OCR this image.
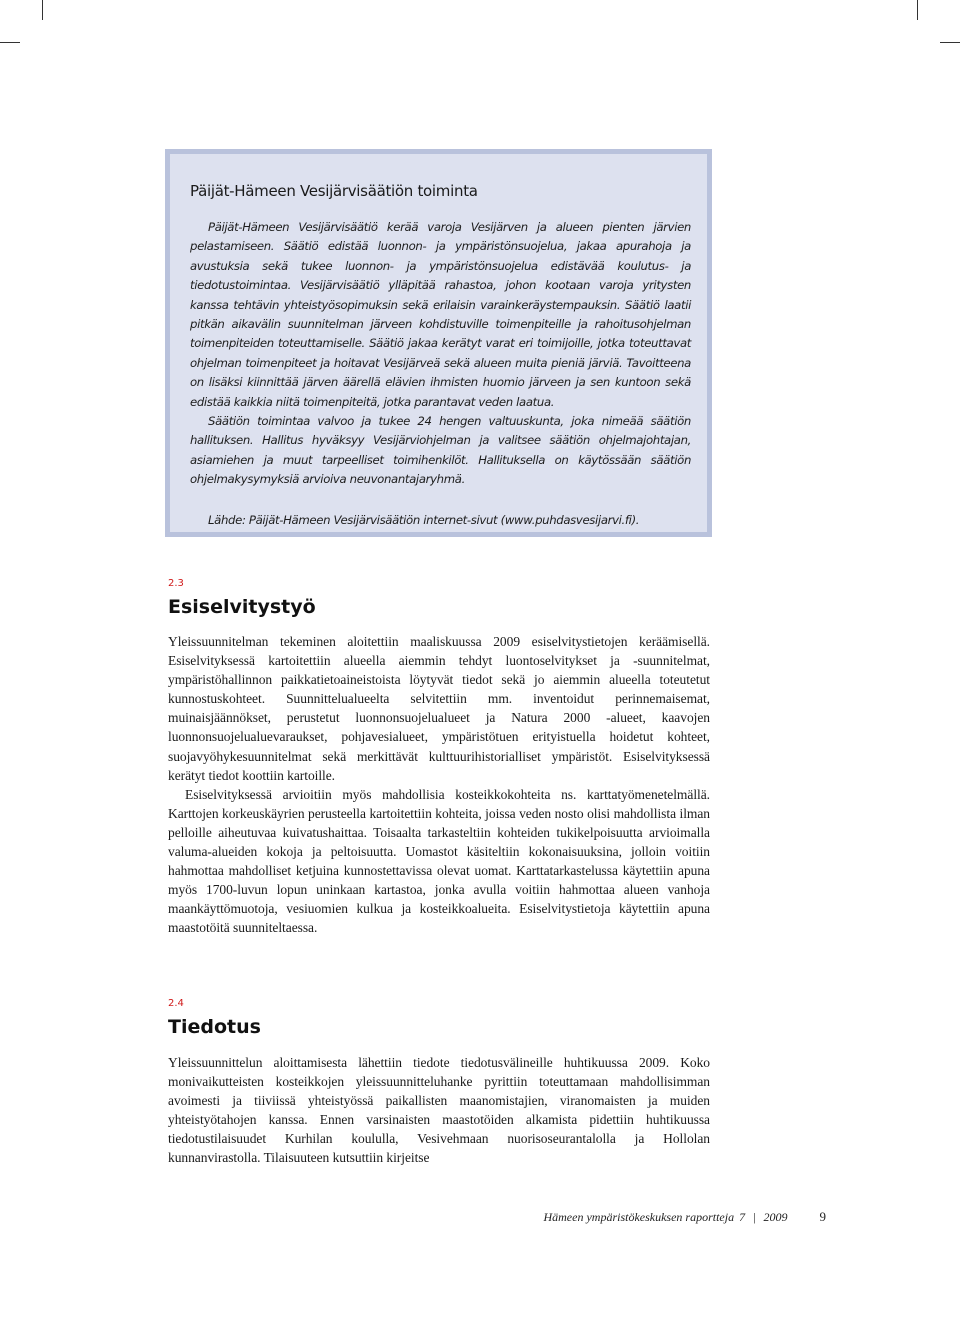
Päijät-Hämeen Vesijärvisäätiön toiminta

Päijät-Hämeen Vesijärvisäätiö kerää varoja Vesijärven ja alueen pienten järvien pelastamiseen. Säätiö edistää luonnon- ja ympäristönsuojelua, jakaa apurahoja ja avustuksia sekä tukee luonnon- ja ympäristönsuojelua edistävää koulutus- ja tiedotustoimintaa. Vesijärvisäätiö ylläpitää rahastoa, johon kootaan varoja yritysten kanssa tehtävin yhteistyösopimuksin sekä erilaisin varainkeräystempauksin. Säätiö laatii pitkän aikavälin suunnitelman järveen kohdistuville toimenpiteille ja rahoitusohjelman toimenpiteiden toteuttamiselle. Säätiö jakaa kerätyt varat eri toimijoille, jotka toteuttavat ohjelman toimenpiteet ja hoitavat Vesijärveä sekä alueen muita pieniä järviä. Tavoitteena on lisäksi kiinnittää järven äärellä elävien ihmisten huomio järveen ja sen kuntoon sekä edistää kaikkia niitä toimenpiteitä, jotka parantavat veden laatua.

Säätiön toimintaa valvoo ja tukee 24 hengen valtuuskunta, joka nimeää säätiön hallituksen. Hallitus hyväksyy Vesijärviohjelman ja valitsee säätiön ohjelmajohtajan, asiamiehen ja muut tarpeelliset toimihenkilöt. Hallituksella on käytössään säätiön ohjelmakysymyksiä arvioiva neuvonantajaryhmä.

Lähde: Päijät-Hämeen Vesijärvisäätiön internet-sivut (www.puhdasvesijarvi.fi).

2.3
Esiselvitystyö

Yleissuunnitelman tekeminen aloitettiin maaliskuussa 2009 esiselvitystietojen keräämisellä. Esiselvityksessä kartoitettiin alueella aiemmin tehdyt luontoselvitykset ja -suunnitelmat, ympäristöhallinnon paikkatietoaineistoista löytyvät tiedot sekä jo aiemmin alueella toteutetut kunnostuskohteet. Suunnittelualueelta selvitettiin mm. inventoidut perinnemaisemat, muinaisjäännökset, perustetut luonnonsuojelualueet ja Natura 2000 -alueet, kaavojen luonnonsuojelualuevaraukset, pohjavesialueet, ympäristötuen erityistuella hoidetut kohteet, suojavyöhykesuunnitelmat sekä merkittävät kulttuurihistorialliset ympäristöt. Esiselvityksessä kerätyt tiedot koottiin kartoille.

Esiselvityksessä arvioitiin myös mahdollisia kosteikkokohteita ns. karttatyömenetelmällä. Karttojen korkeuskäyrien perusteella kartoitettiin kohteita, joissa veden nosto olisi mahdollista ilman pelloille aiheutuvaa kuivatushaittaa. Toisaalta tarkasteltiin kohteiden tukikelpoisuutta arvioimalla valuma-alueiden kokoja ja peltoisuutta. Uomastot käsiteltiin kokonaisuuksina, jolloin voitiin hahmottaa mahdolliset ketjuina kunnostettavissa olevat uomat. Karttatarkastelussa käytettiin apuna myös 1700-luvun lopun uninkaan kartastoa, jonka avulla voitiin hahmottaa alueen vanhoja maankäyttömuotoja, vesiuomien kulkua ja kosteikkoalueita. Esiselvitystietoja käytettiin apuna maastotöitä suunniteltaessa.

2.4
Tiedotus

Yleissuunnittelun aloittamisesta lähettiin tiedote tiedotusvälineille huhtikuussa 2009. Koko monivaikutteisten kosteikkojen yleissuunnitteluhanke pyrittiin toteuttamaan mahdollisimman avoimesti ja tiiviissä yhteistyössä paikallisten maanomistajien, viranomaisten ja muiden yhteistyötahojen kanssa. Ennen varsinaisten maastotöiden alkamista pidettiin huhtikuussa tiedotustilaisuudet Kurhilan koululla, Vesivehmaan nuorisoseurantalolla ja Hollolan kunnanvirastolla. Tilaisuuteen kutsuttiin kirjeitse

Hämeen ympäristökeskuksen raportteja 7 | 2009 9
